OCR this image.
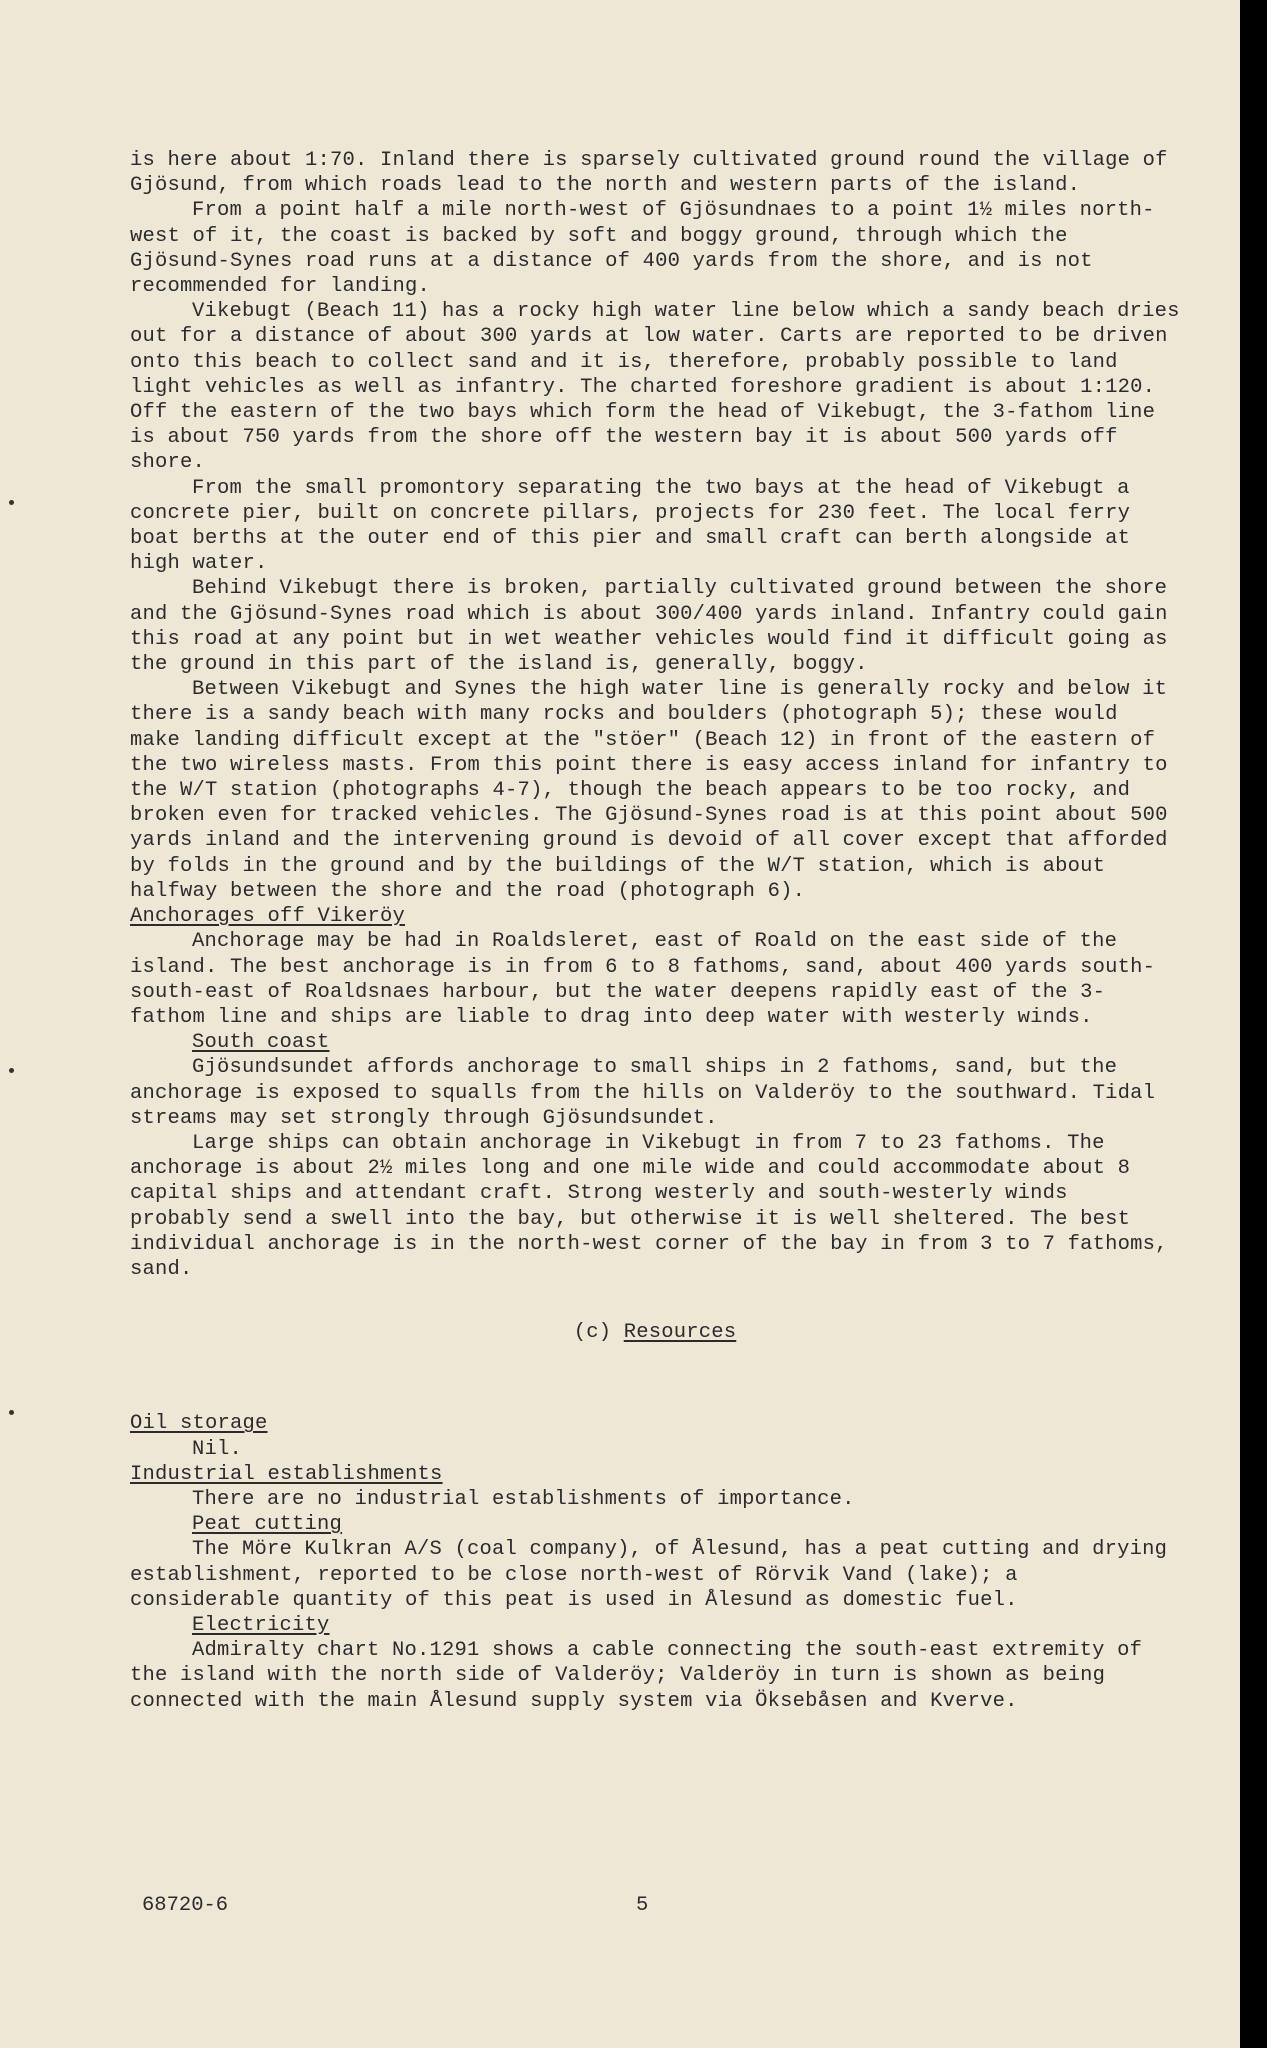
is here about 1:70. Inland there is sparsely cultivated ground round the village of Gjösund, from which roads lead to the north and western parts of the island.

From a point half a mile north-west of Gjösundnaes to a point 1½ miles north-west of it, the coast is backed by soft and boggy ground, through which the Gjösund-Synes road runs at a distance of 400 yards from the shore, and is not recommended for landing.

Vikebugt (Beach 11) has a rocky high water line below which a sandy beach dries out for a distance of about 300 yards at low water. Carts are reported to be driven onto this beach to collect sand and it is, therefore, probably possible to land light vehicles as well as infantry. The charted foreshore gradient is about 1:120. Off the eastern of the two bays which form the head of Vikebugt, the 3-fathom line is about 750 yards from the shore off the western bay it is about 500 yards off shore.

From the small promontory separating the two bays at the head of Vikebugt a concrete pier, built on concrete pillars, projects for 230 feet. The local ferry boat berths at the outer end of this pier and small craft can berth alongside at high water.

Behind Vikebugt there is broken, partially cultivated ground between the shore and the Gjösund-Synes road which is about 300/400 yards inland. Infantry could gain this road at any point but in wet weather vehicles would find it difficult going as the ground in this part of the island is, generally, boggy.

Between Vikebugt and Synes the high water line is generally rocky and below it there is a sandy beach with many rocks and boulders (photograph 5); these would make landing difficult except at the "stöer" (Beach 12) in front of the eastern of the two wireless masts. From this point there is easy access inland for infantry to the W/T station (photographs 4-7), though the beach appears to be too rocky, and broken even for tracked vehicles. The Gjösund-Synes road is at this point about 500 yards inland and the intervening ground is devoid of all cover except that afforded by folds in the ground and by the buildings of the W/T station, which is about halfway between the shore and the road (photograph 6).

Anchorages off Vikeröy

Anchorage may be had in Roaldsleret, east of Roald on the east side of the island. The best anchorage is in from 6 to 8 fathoms, sand, about 400 yards south-south-east of Roaldsnaes harbour, but the water deepens rapidly east of the 3-fathom line and ships are liable to drag into deep water with westerly winds.

South coast

Gjösundsundet affords anchorage to small ships in 2 fathoms, sand, but the anchorage is exposed to squalls from the hills on Valderöy to the southward. Tidal streams may set strongly through Gjösundsundet.

Large ships can obtain anchorage in Vikebugt in from 7 to 23 fathoms. The anchorage is about 2½ miles long and one mile wide and could accommodate about 8 capital ships and attendant craft. Strong westerly and south-westerly winds probably send a swell into the bay, but otherwise it is well sheltered. The best individual anchorage is in the north-west corner of the bay in from 3 to 7 fathoms, sand.

(c) Resources

Oil storage

Nil.

Industrial establishments

There are no industrial establishments of importance.

Peat cutting

The Möre Kulkran A/S (coal company), of Ålesund, has a peat cutting and drying establishment, reported to be close north-west of Rörvik Vand (lake); a considerable quantity of this peat is used in Ålesund as domestic fuel.

Electricity

Admiralty chart No.1291 shows a cable connecting the south-east extremity of the island with the north side of Valderöy; Valderöy in turn is shown as being connected with the main Ålesund supply system via Öksebåsen and Kverve.

68720-6	5
